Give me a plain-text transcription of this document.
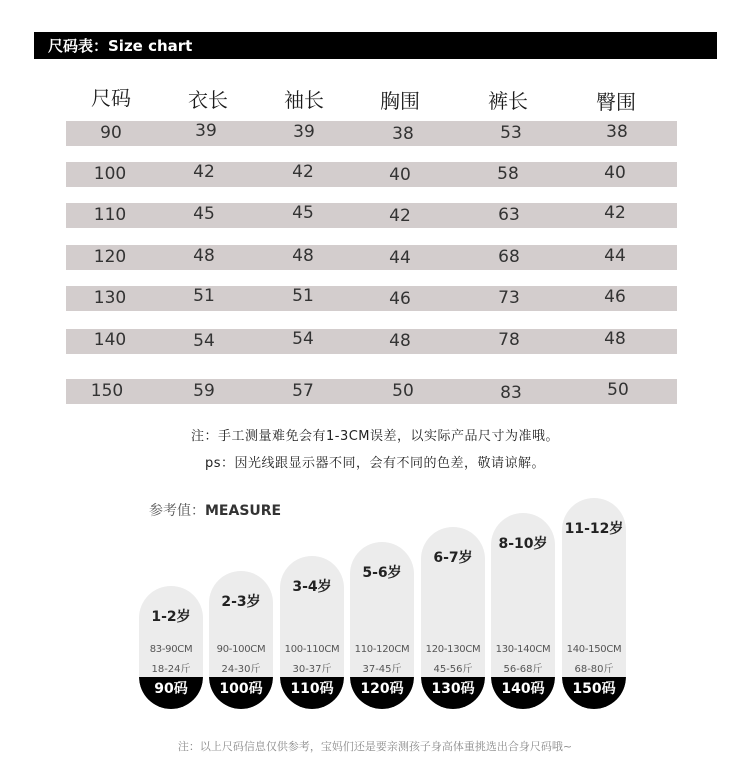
尺码表：Size chart
尺码	衣长	袖长	胸围	裤长	臀围
90	39	39	38	53	38
100	42	42	40	58	40
110	45	45	42	63	42
120	48	48	44	68	44
130	51	51	46	73	46
140	54	54	48	78	48
150	59	57	50	83	50
注：手工测量难免会有1-3CM误差，以实际产品尺寸为准哦。
ps：因光线跟显示器不同，会有不同的色差，敬请谅解。
参考值：MEASURE
1-2岁
83-90CM
18-24斤
90码
2-3岁
90-100CM
24-30斤
100码
3-4岁
100-110CM
30-37斤
110码
5-6岁
110-120CM
37-45斤
120码
6-7岁
120-130CM
45-56斤
130码
8-10岁
130-140CM
56-68斤
140码
11-12岁
140-150CM
68-80斤
150码
注：以上尺码信息仅供参考，宝妈们还是要亲测孩子身高体重挑选出合身尺码哦~
